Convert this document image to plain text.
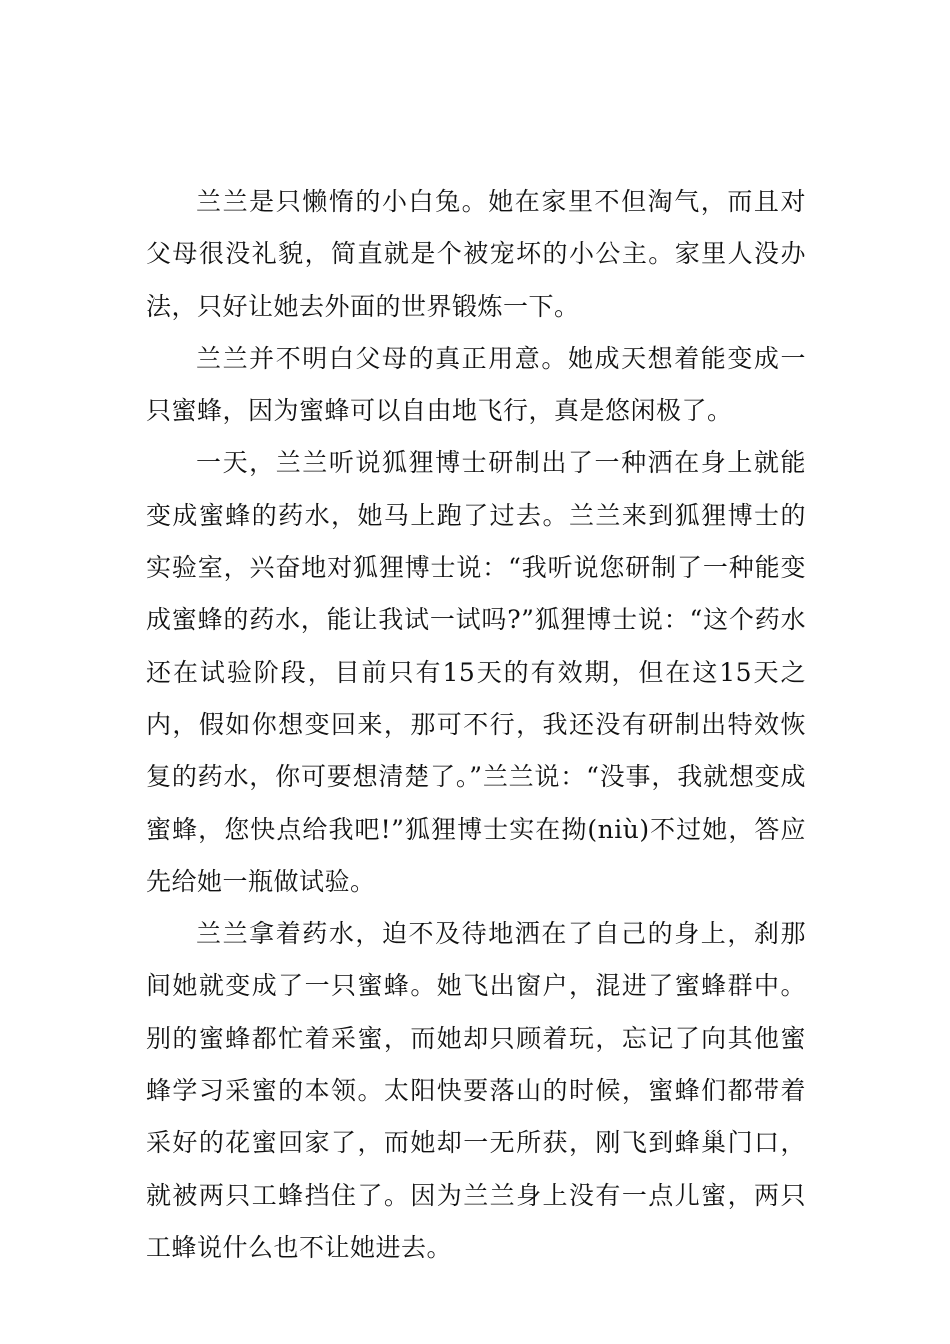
兰兰是只懒惰的小白兔。她在家里不但淘气，而且对父母很没礼貌，简直就是个被宠坏的小公主。家里人没办法，只好让她去外面的世界锻炼一下。

兰兰并不明白父母的真正用意。她成天想着能变成一只蜜蜂，因为蜜蜂可以自由地飞行，真是悠闲极了。

一天，兰兰听说狐狸博士研制出了一种洒在身上就能变成蜜蜂的药水，她马上跑了过去。兰兰来到狐狸博士的实验室，兴奋地对狐狸博士说：“我听说您研制了一种能变成蜜蜂的药水，能让我试一试吗?”狐狸博士说：“这个药水还在试验阶段，目前只有15天的有效期，但在这15天之内，假如你想变回来，那可不行，我还没有研制出特效恢复的药水，你可要想清楚了。”兰兰说：“没事，我就想变成蜜蜂，您快点给我吧!”狐狸博士实在拗(niù)不过她，答应先给她一瓶做试验。

兰兰拿着药水，迫不及待地洒在了自己的身上，刹那间她就变成了一只蜜蜂。她飞出窗户，混进了蜜蜂群中。别的蜜蜂都忙着采蜜，而她却只顾着玩，忘记了向其他蜜蜂学习采蜜的本领。太阳快要落山的时候，蜜蜂们都带着采好的花蜜回家了，而她却一无所获，刚飞到蜂巢门口，就被两只工蜂挡住了。因为兰兰身上没有一点儿蜜，两只工蜂说什么也不让她进去。
